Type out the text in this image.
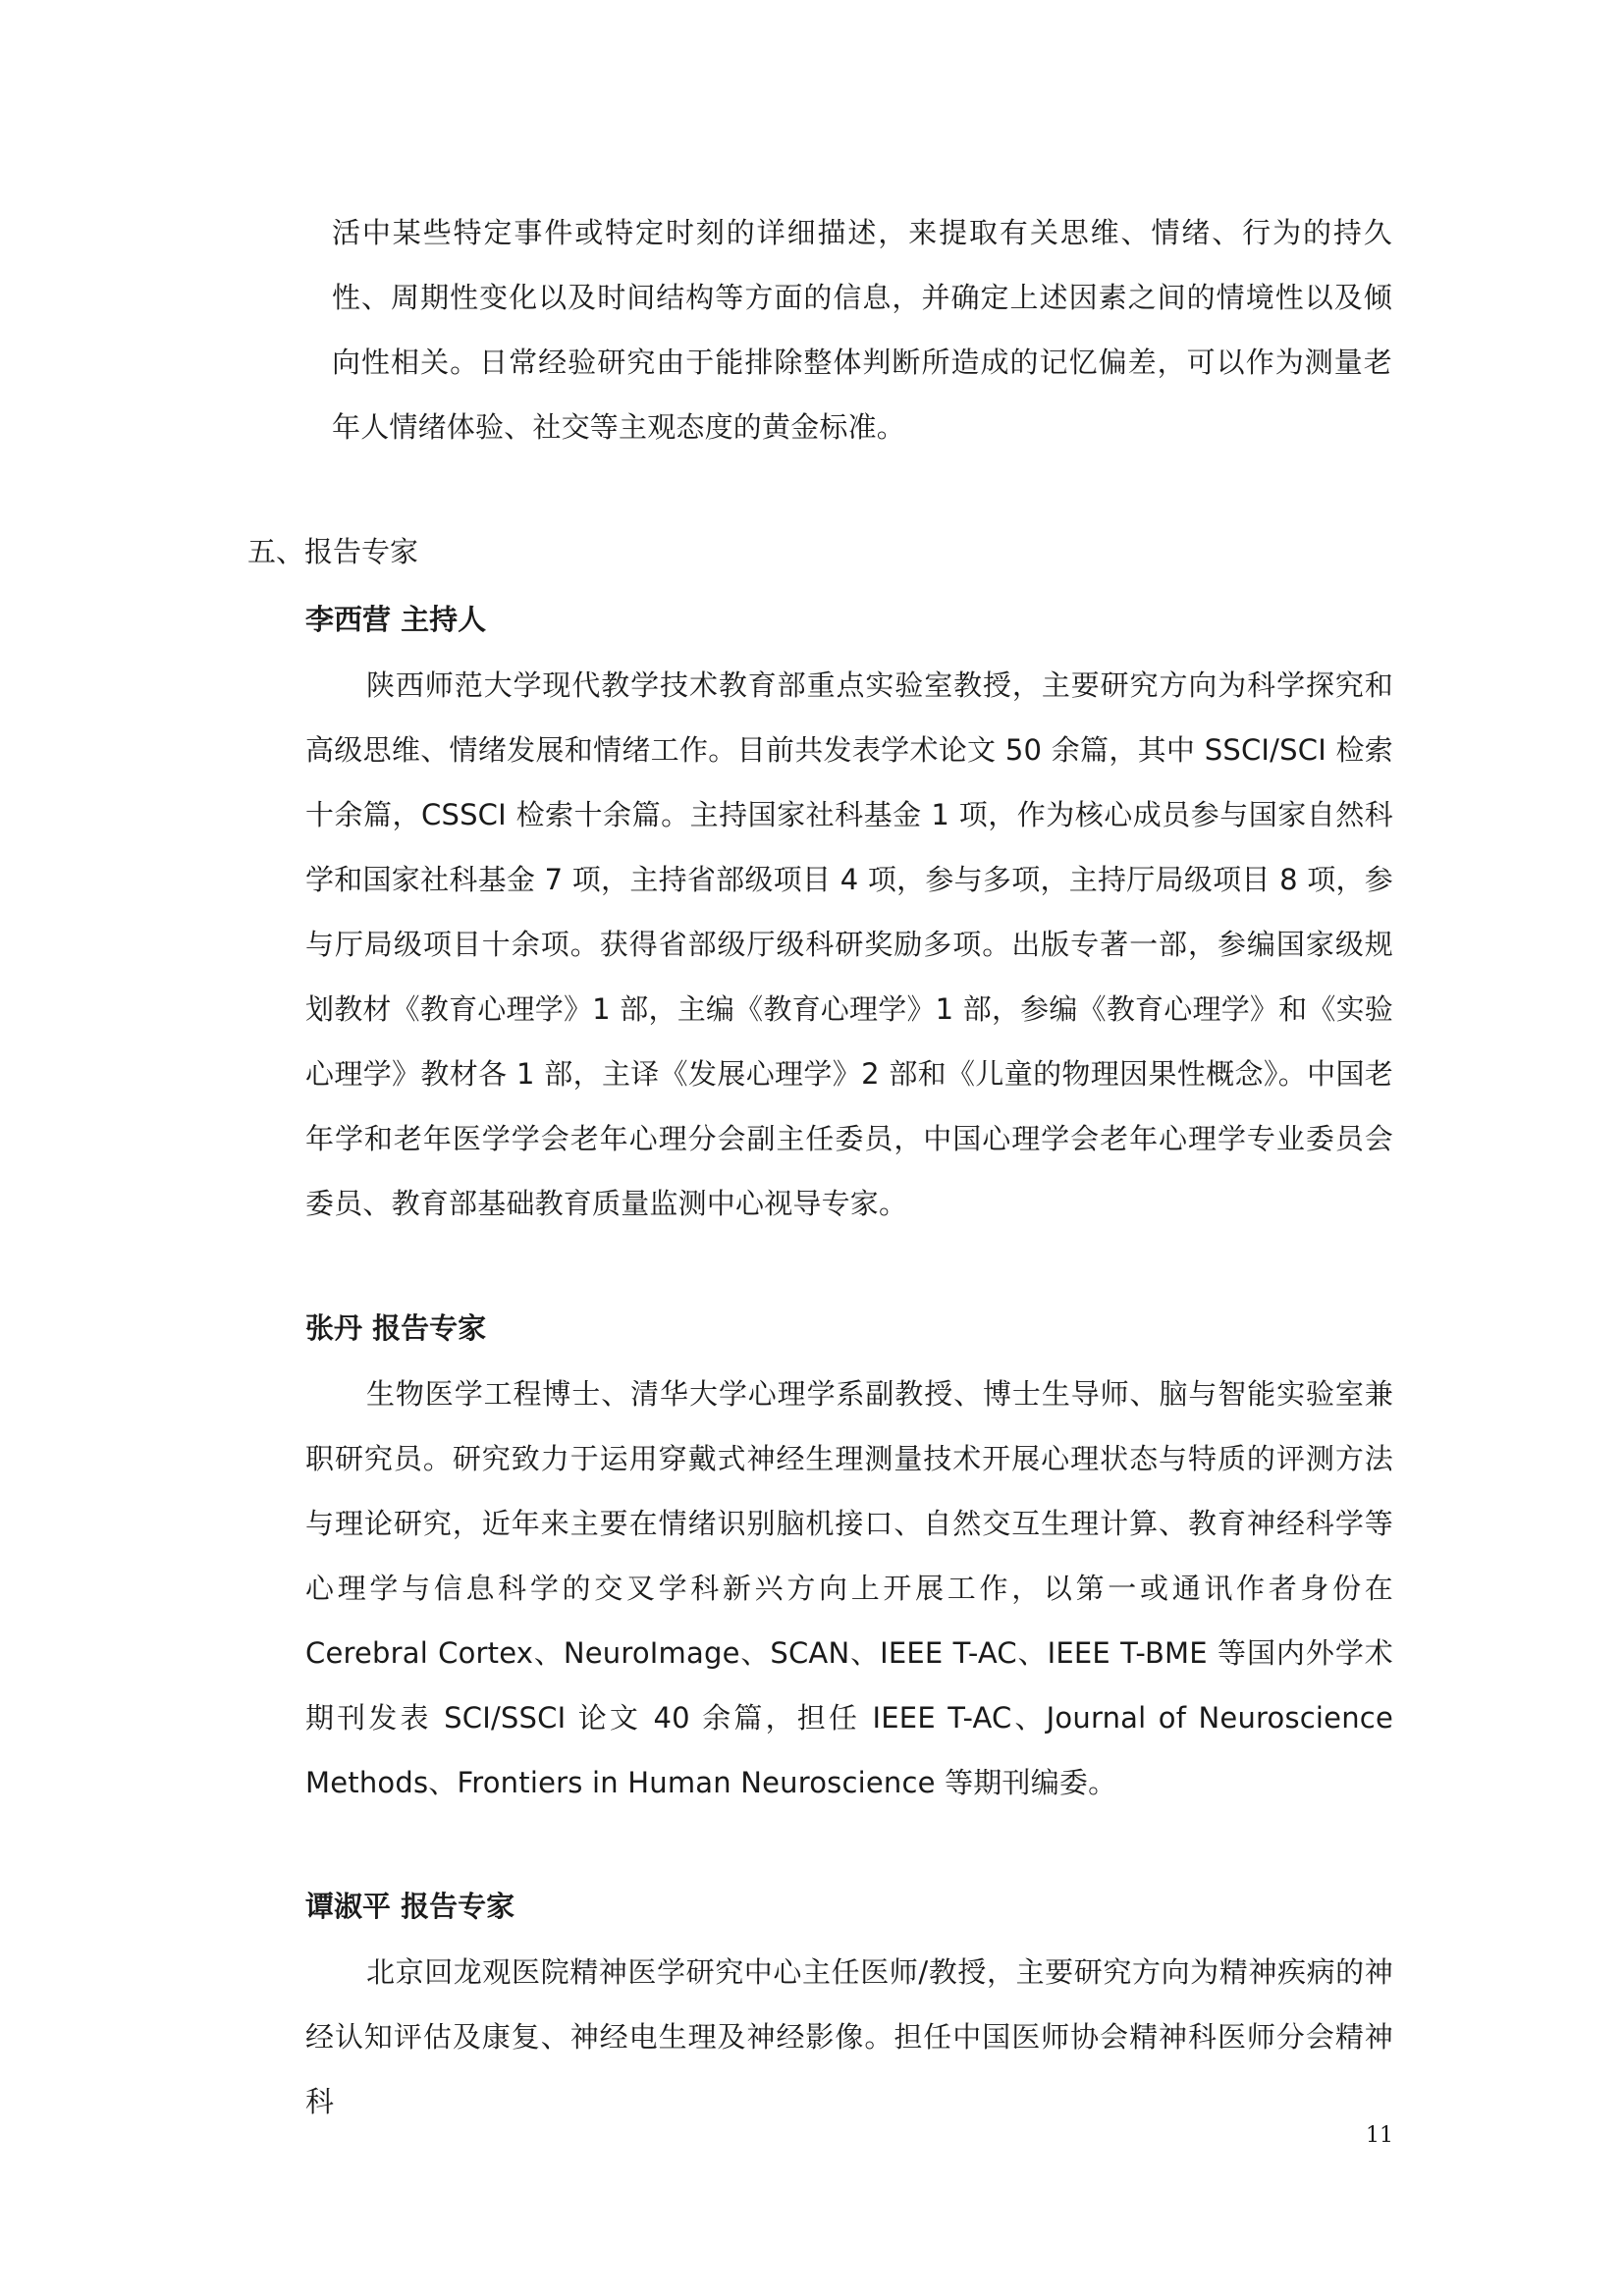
活中某些特定事件或特定时刻的详细描述，来提取有关思维、情绪、行为的持久性、周期性变化以及时间结构等方面的信息，并确定上述因素之间的情境性以及倾向性相关。日常经验研究由于能排除整体判断所造成的记忆偏差，可以作为测量老年人情绪体验、社交等主观态度的黄金标准。

五、报告专家
李西营 主持人

陕西师范大学现代教学技术教育部重点实验室教授，主要研究方向为科学探究和高级思维、情绪发展和情绪工作。目前共发表学术论文 50 余篇，其中 SSCI/SCI 检索十余篇，CSSCI 检索十余篇。主持国家社科基金 1 项，作为核心成员参与国家自然科学和国家社科基金 7 项，主持省部级项目 4 项，参与多项，主持厅局级项目 8 项，参与厅局级项目十余项。获得省部级厅级科研奖励多项。出版专著一部，参编国家级规划教材《教育心理学》1 部，主编《教育心理学》1 部，参编《教育心理学》和《实验心理学》教材各 1 部，主译《发展心理学》2 部和《儿童的物理因果性概念》。中国老年学和老年医学学会老年心理分会副主任委员，中国心理学会老年心理学专业委员会委员、教育部基础教育质量监测中心视导专家。

张丹 报告专家

生物医学工程博士、清华大学心理学系副教授、博士生导师、脑与智能实验室兼职研究员。研究致力于运用穿戴式神经生理测量技术开展心理状态与特质的评测方法与理论研究，近年来主要在情绪识别脑机接口、自然交互生理计算、教育神经科学等心理学与信息科学的交叉学科新兴方向上开展工作，以第一或通讯作者身份在 Cerebral Cortex、NeuroImage、SCAN、IEEE T-AC、IEEE T-BME 等国内外学术期刊发表 SCI/SSCI 论文 40 余篇，担任 IEEE T-AC、Journal of Neuroscience Methods、Frontiers in Human Neuroscience 等期刊编委。

谭淑平 报告专家

北京回龙观医院精神医学研究中心主任医师/教授，主要研究方向为精神疾病的神经认知评估及康复、神经电生理及神经影像。担任中国医师协会精神科医师分会精神科

11
